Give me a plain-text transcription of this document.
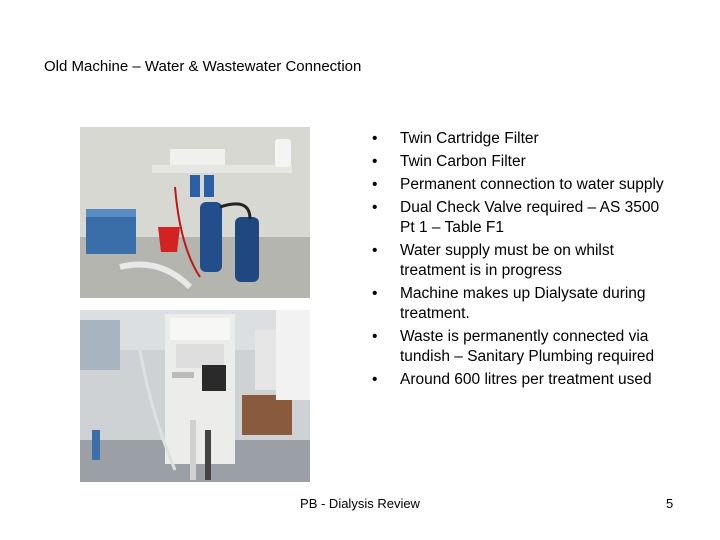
Old Machine – Water & Wastewater Connection
• Twin Cartridge Filter
• Twin Carbon Filter
• Permanent connection to water supply
• Dual Check Valve required – AS 3500 Pt 1 – Table F1
• Water supply must be on whilst treatment is in progress
• Machine makes up Dialysate during treatment.
• Waste is permanently connected via tundish – Sanitary Plumbing required
• Around 600 litres per treatment used
PB - Dialysis Review	5
